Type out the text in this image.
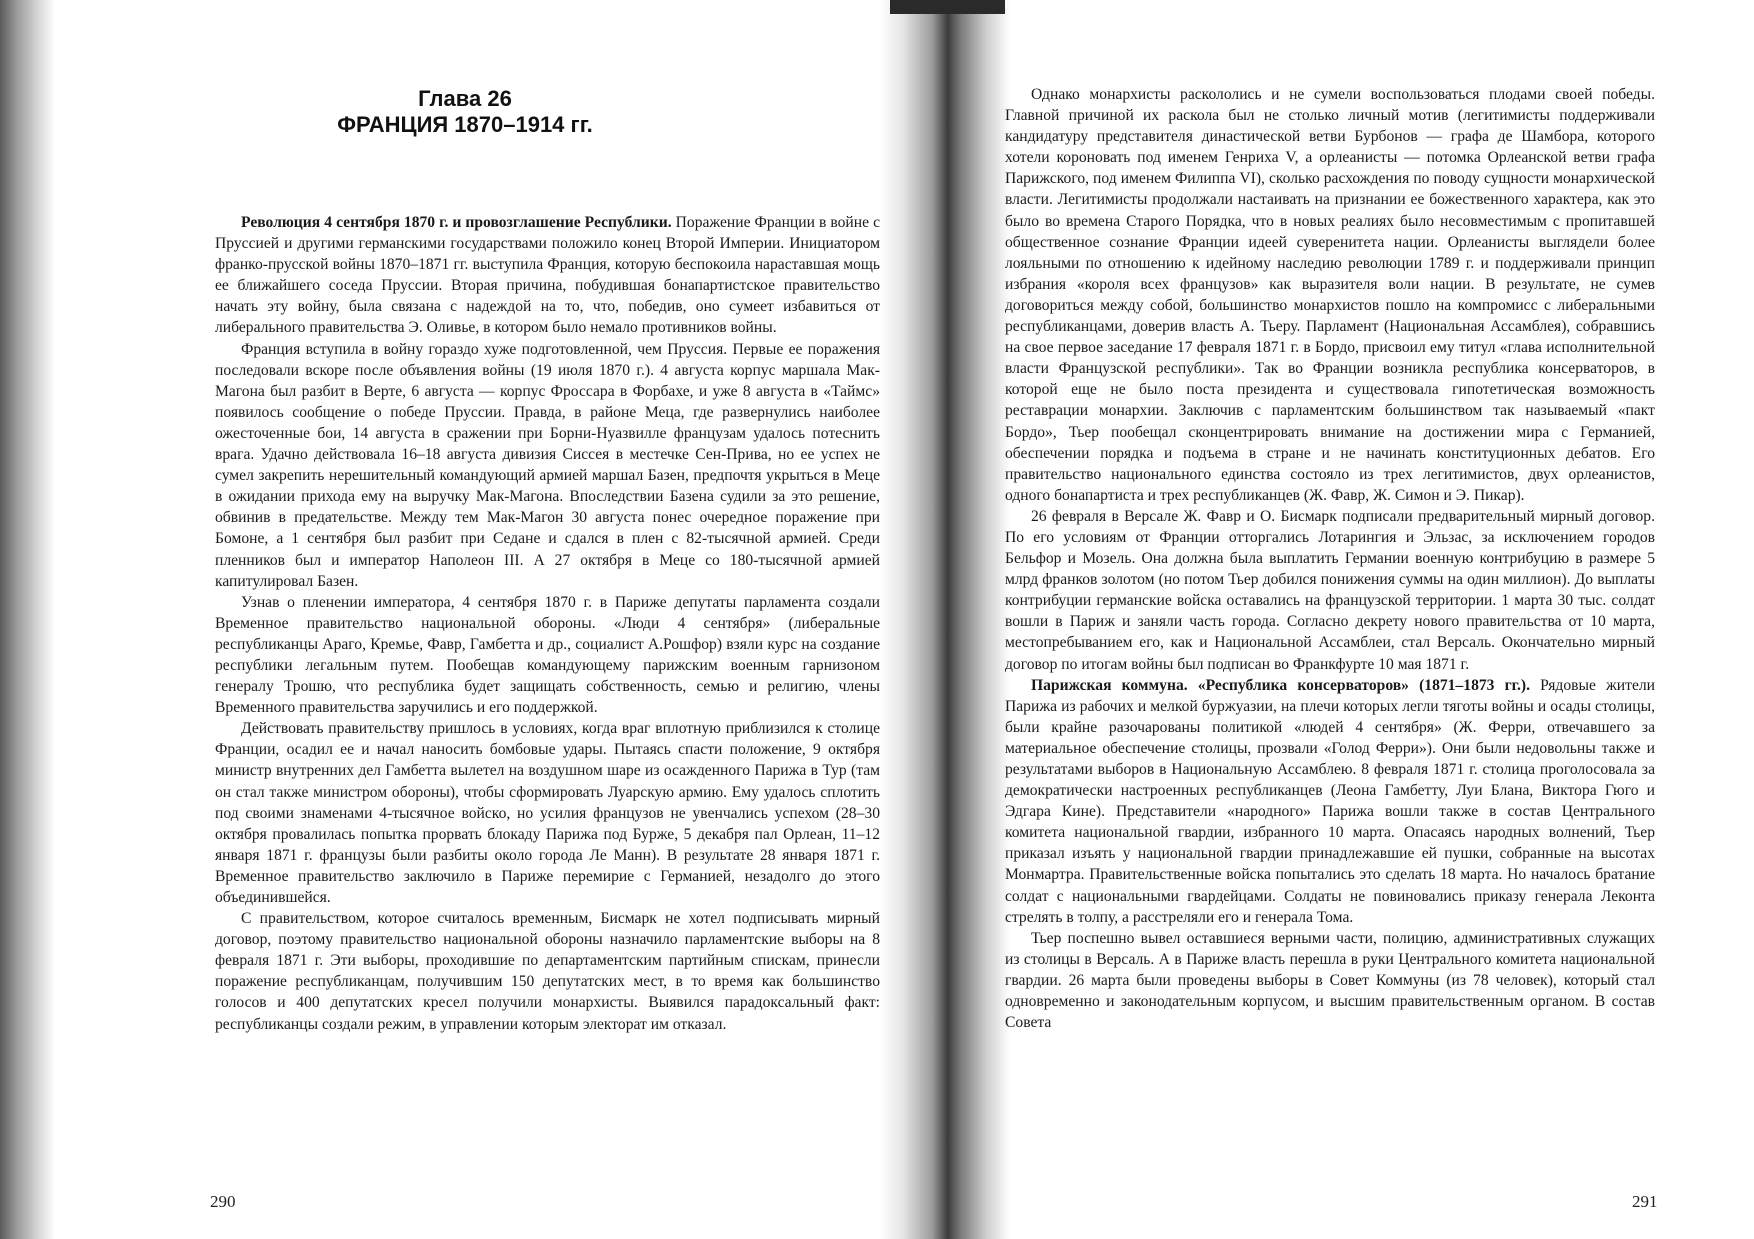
Глава 26
ФРАНЦИЯ 1870–1914 гг.

Революция 4 сентября 1870 г. и провозглашение Республики. Поражение Франции в войне с Пруссией и другими германскими государствами положило конец Второй Империи. Инициатором франко-прусской войны 1870–1871 гг. выступила Франция, которую беспокоила нараставшая мощь ее ближайшего соседа Пруссии. Вторая причина, побудившая бонапартистское правительство начать эту войну, была связана с надеждой на то, что, победив, оно сумеет избавиться от либерального правительства Э. Оливье, в котором было немало противников войны.

Франция вступила в войну гораздо хуже подготовленной, чем Пруссия. Первые ее поражения последовали вскоре после объявления войны (19 июля 1870 г.). 4 августа корпус маршала Мак-Магона был разбит в Верте, 6 августа — корпус Фроссара в Форбахе, и уже 8 августа в «Таймс» появилось сообщение о победе Пруссии. Правда, в районе Меца, где развернулись наиболее ожесточенные бои, 14 августа в сражении при Борни-Нуазвилле французам удалось потеснить врага. Удачно действовала 16–18 августа дивизия Сиссея в местечке Сен-Прива, но ее успех не сумел закрепить нерешительный командующий армией маршал Базен, предпочтя укрыться в Меце в ожидании прихода ему на выручку Мак-Магона. Впоследствии Базена судили за это решение, обвинив в предательстве. Между тем Мак-Магон 30 августа понес очередное поражение при Бомоне, а 1 сентября был разбит при Седане и сдался в плен с 82-тысячной армией. Среди пленников был и император Наполеон III. А 27 октября в Меце со 180-тысячной армией капитулировал Базен.

Узнав о пленении императора, 4 сентября 1870 г. в Париже депутаты парламента создали Временное правительство национальной обороны. «Люди 4 сентября» (либеральные республиканцы Араго, Кремье, Фавр, Гамбетта и др., социалист А.Рошфор) взяли курс на создание республики легальным путем. Пообещав командующему парижским военным гарнизоном генералу Трошю, что республика будет защищать собственность, семью и религию, члены Временного правительства заручились и его поддержкой.

Действовать правительству пришлось в условиях, когда враг вплотную приблизился к столице Франции, осадил ее и начал наносить бомбовые удары. Пытаясь спасти положение, 9 октября министр внутренних дел Гамбетта вылетел на воздушном шаре из осажденного Парижа в Тур (там он стал также министром обороны), чтобы сформировать Луарскую армию. Ему удалось сплотить под своими знаменами 4-тысячное войско, но усилия французов не увенчались успехом (28–30 октября провалилась попытка прорвать блокаду Парижа под Бурже, 5 декабря пал Орлеан, 11–12 января 1871 г. французы были разбиты около города Ле Манн). В результате 28 января 1871 г. Временное правительство заключило в Париже перемирие с Германией, незадолго до этого объединившейся.

С правительством, которое считалось временным, Бисмарк не хотел подписывать мирный договор, поэтому правительство национальной обороны назначило парламентские выборы на 8 февраля 1871 г. Эти выборы, проходившие по департаментским партийным спискам, принесли поражение республиканцам, получившим 150 депутатских мест, в то время как большинство голосов и 400 депутатских кресел получили монархисты. Выявился парадоксальный факт: республиканцы создали режим, в управлении которым электорат им отказал.

290

Однако монархисты раскололись и не сумели воспользоваться плодами своей победы. Главной причиной их раскола был не столько личный мотив (легитимисты поддерживали кандидатуру представителя династической ветви Бурбонов — графа де Шамбора, которого хотели короновать под именем Генриха V, а орлеанисты — потомка Орлеанской ветви графа Парижского, под именем Филиппа VI), сколько расхождения по поводу сущности монархической власти. Легитимисты продолжали настаивать на признании ее божественного характера, как это было во времена Старого Порядка, что в новых реалиях было несовместимым с пропитавшей общественное сознание Франции идеей суверенитета нации. Орлеанисты выглядели более лояльными по отношению к идейному наследию революции 1789 г. и поддерживали принцип избрания «короля всех французов» как выразителя воли нации. В результате, не сумев договориться между собой, большинство монархистов пошло на компромисс с либеральными республиканцами, доверив власть А. Тьеру. Парламент (Национальная Ассамблея), собравшись на свое первое заседание 17 февраля 1871 г. в Бордо, присвоил ему титул «глава исполнительной власти Французской республики». Так во Франции возникла республика консерваторов, в которой еще не было поста президента и существовала гипотетическая возможность реставрации монархии. Заключив с парламентским большинством так называемый «пакт Бордо», Тьер пообещал сконцентрировать внимание на достижении мира с Германией, обеспечении порядка и подъема в стране и не начинать конституционных дебатов. Его правительство национального единства состояло из трех легитимистов, двух орлеанистов, одного бонапартиста и трех республиканцев (Ж. Фавр, Ж. Симон и Э. Пикар).

26 февраля в Версале Ж. Фавр и О. Бисмарк подписали предварительный мирный договор. По его условиям от Франции отторгались Лотарингия и Эльзас, за исключением городов Бельфор и Мозель. Она должна была выплатить Германии военную контрибуцию в размере 5 млрд франков золотом (но потом Тьер добился понижения суммы на один миллион). До выплаты контрибуции германские войска оставались на французской территории. 1 марта 30 тыс. солдат вошли в Париж и заняли часть города. Согласно декрету нового правительства от 10 марта, местопребыванием его, как и Национальной Ассамблеи, стал Версаль. Окончательно мирный договор по итогам войны был подписан во Франкфурте 10 мая 1871 г.

Парижская коммуна. «Республика консерваторов» (1871–1873 гг.). Рядовые жители Парижа из рабочих и мелкой буржуазии, на плечи которых легли тяготы войны и осады столицы, были крайне разочарованы политикой «людей 4 сентября» (Ж. Ферри, отвечавшего за материальное обеспечение столицы, прозвали «Голод Ферри»). Они были недовольны также и результатами выборов в Национальную Ассамблею. 8 февраля 1871 г. столица проголосовала за демократически настроенных республиканцев (Леона Гамбетту, Луи Блана, Виктора Гюго и Эдгара Кине). Представители «народного» Парижа вошли также в состав Центрального комитета национальной гвардии, избранного 10 марта. Опасаясь народных волнений, Тьер приказал изъять у национальной гвардии принадлежавшие ей пушки, собранные на высотах Монмартра. Правительственные войска попытались это сделать 18 марта. Но началось братание солдат с национальными гвардейцами. Солдаты не повиновались приказу генерала Леконта стрелять в толпу, а расстреляли его и генерала Тома.

Тьер поспешно вывел оставшиеся верными части, полицию, административных служащих из столицы в Версаль. А в Париже власть перешла в руки Центрального комитета национальной гвардии. 26 марта были проведены выборы в Совет Коммуны (из 78 человек), который стал одновременно и законодательным корпусом, и высшим правительственным органом. В состав Совета

291
